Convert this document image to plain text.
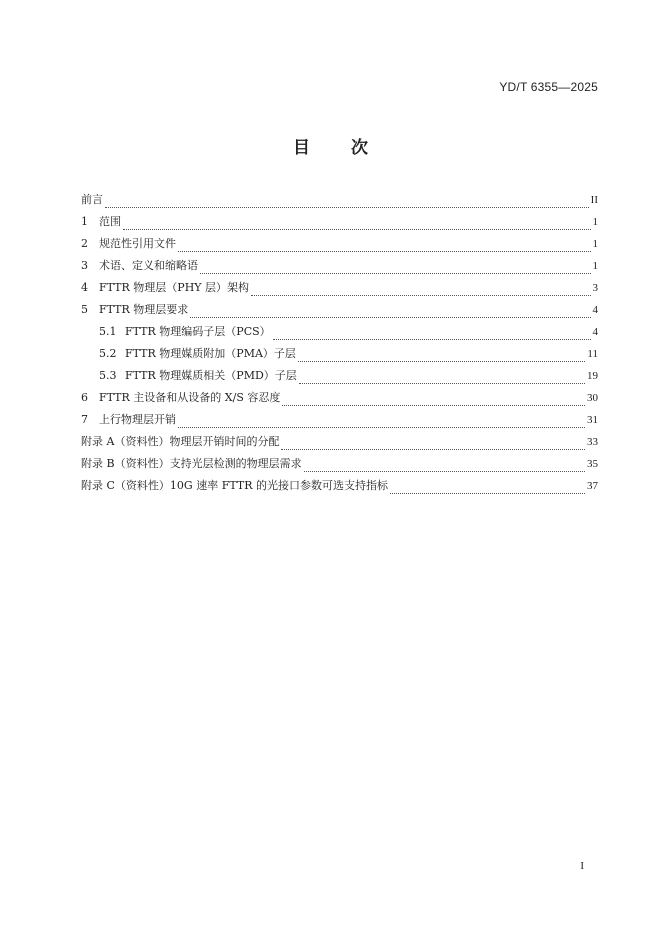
YD/T 6355—2025
目 次
前言	II
1	范围	1
2	规范性引用文件	1
3	术语、定义和缩略语	1
4	FTTR 物理层（PHY 层）架构	3
5	FTTR 物理层要求	4
5.1 FTTR 物理编码子层（PCS）	4
5.2 FTTR 物理媒质附加（PMA）子层	11
5.3 FTTR 物理媒质相关（PMD）子层	19
6	FTTR 主设备和从设备的 X/S 容忍度	30
7	上行物理层开销	31
附录 A（资料性）物理层开销时间的分配	33
附录 B（资料性）支持光层检测的物理层需求	35
附录 C（资料性）10G 速率 FTTR 的光接口参数可选支持指标	37
I
